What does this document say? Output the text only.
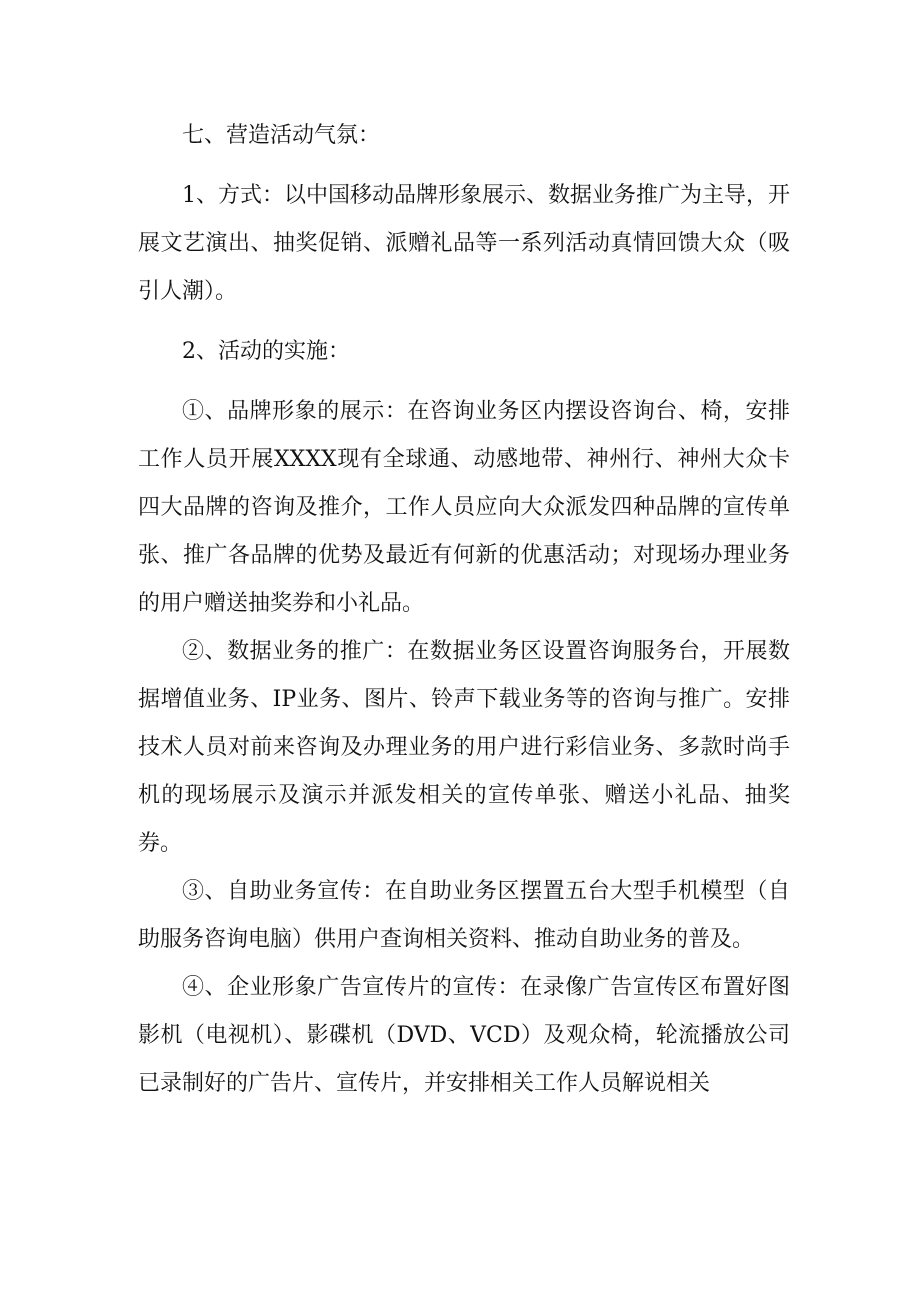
七、营造活动气氛：

1、方式：以中国移动品牌形象展示、数据业务推广为主导，开展文艺演出、抽奖促销、派赠礼品等一系列活动真情回馈大众（吸引人潮）。

2、活动的实施：

①、品牌形象的展示：在咨询业务区内摆设咨询台、椅，安排工作人员开展XXXX现有全球通、动感地带、神州行、神州大众卡四大品牌的咨询及推介，工作人员应向大众派发四种品牌的宣传单张、推广各品牌的优势及最近有何新的优惠活动；对现场办理业务的用户赠送抽奖券和小礼品。

②、数据业务的推广：在数据业务区设置咨询服务台，开展数据增值业务、IP业务、图片、铃声下载业务等的咨询与推广。安排技术人员对前来咨询及办理业务的用户进行彩信业务、多款时尚手机的现场展示及演示并派发相关的宣传单张、赠送小礼品、抽奖券。

③、自助业务宣传：在自助业务区摆置五台大型手机模型（自助服务咨询电脑）供用户查询相关资料、推动自助业务的普及。

④、企业形象广告宣传片的宣传：在录像广告宣传区布置好图影机（电视机）、影碟机（DVD、VCD）及观众椅，轮流播放公司已录制好的广告片、宣传片，并安排相关工作人员解说相关
